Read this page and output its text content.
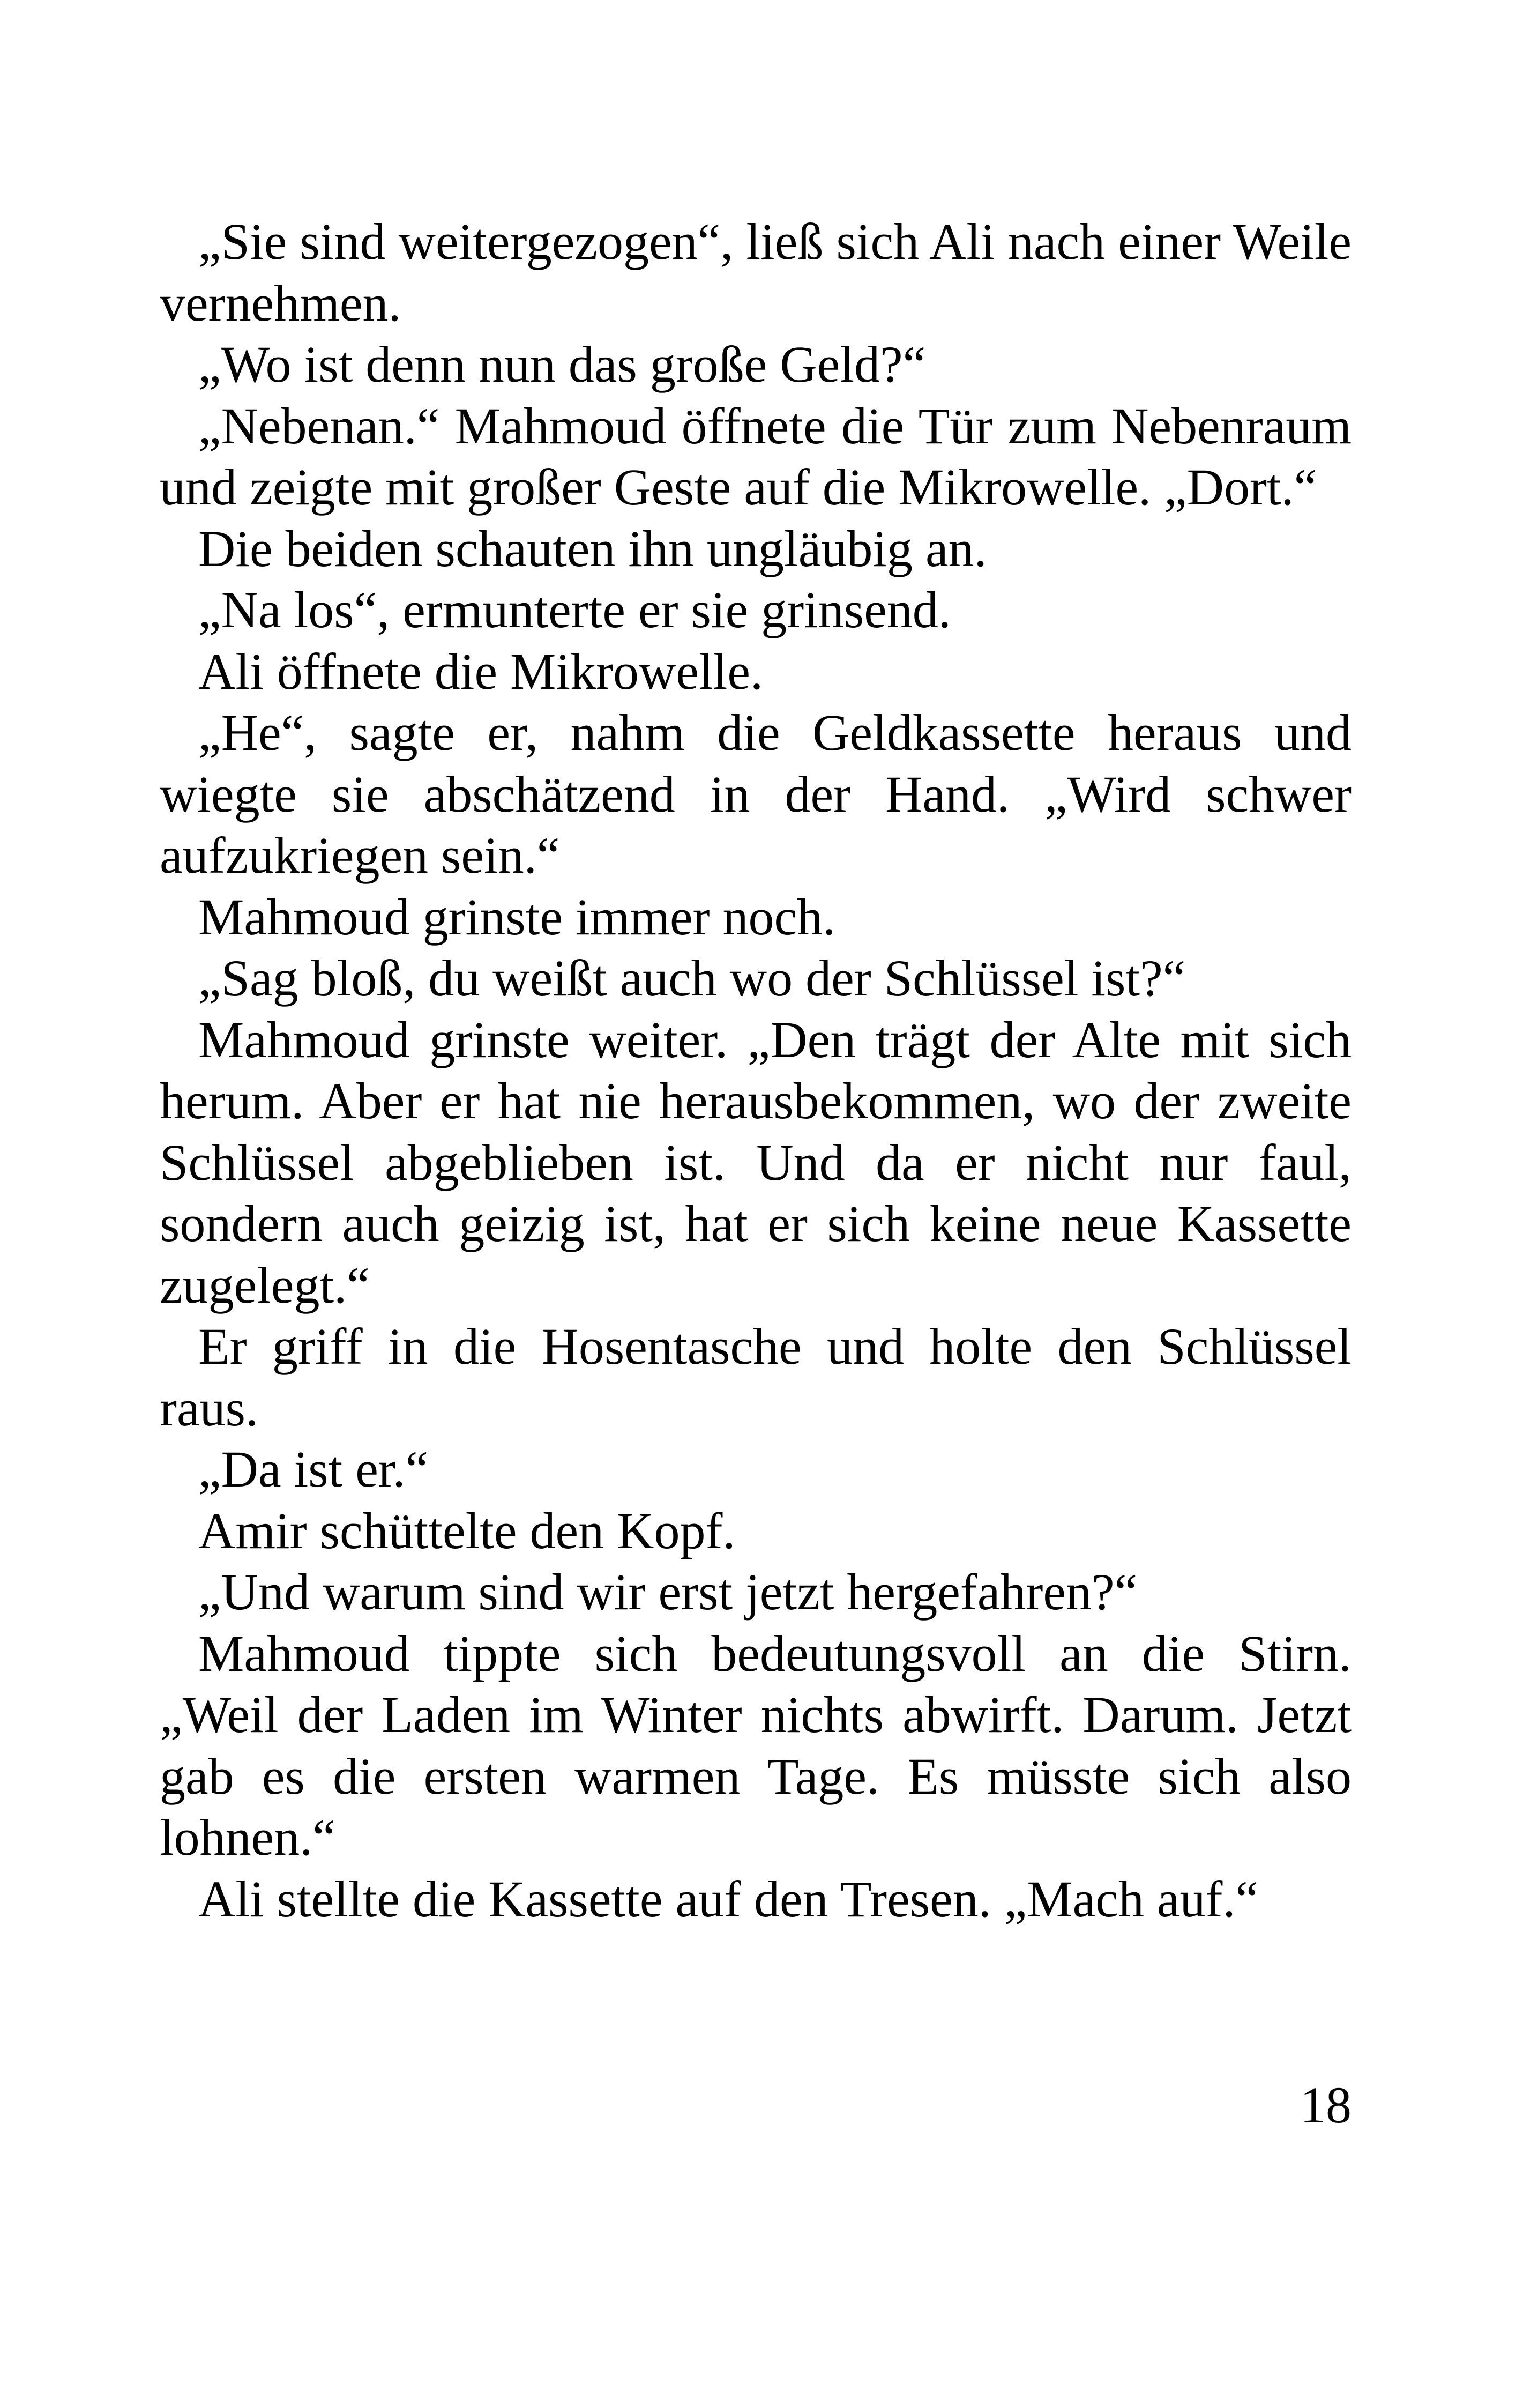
„Sie sind weitergezogen“, ließ sich Ali nach einer Weile vernehmen.

„Wo ist denn nun das große Geld?“

„Nebenan.“ Mahmoud öffnete die Tür zum Nebenraum und zeigte mit großer Geste auf die Mikrowelle. „Dort.“

Die beiden schauten ihn ungläubig an.

„Na los“, ermunterte er sie grinsend.

Ali öffnete die Mikrowelle.

„He“, sagte er, nahm die Geldkassette heraus und wiegte sie abschätzend in der Hand. „Wird schwer aufzukriegen sein.“

Mahmoud grinste immer noch.

„Sag bloß, du weißt auch wo der Schlüssel ist?“

Mahmoud grinste weiter. „Den trägt der Alte mit sich herum. Aber er hat nie herausbekommen, wo der zweite Schlüssel abgeblieben ist. Und da er nicht nur faul, sondern auch geizig ist, hat er sich keine neue Kassette zugelegt.“

Er griff in die Hosentasche und holte den Schlüssel raus.

„Da ist er.“

Amir schüttelte den Kopf.

„Und warum sind wir erst jetzt hergefahren?“

Mahmoud tippte sich bedeutungsvoll an die Stirn. „Weil der Laden im Winter nichts abwirft. Darum. Jetzt gab es die ersten warmen Tage. Es müsste sich also lohnen.“

Ali stellte die Kassette auf den Tresen. „Mach auf.“

18
